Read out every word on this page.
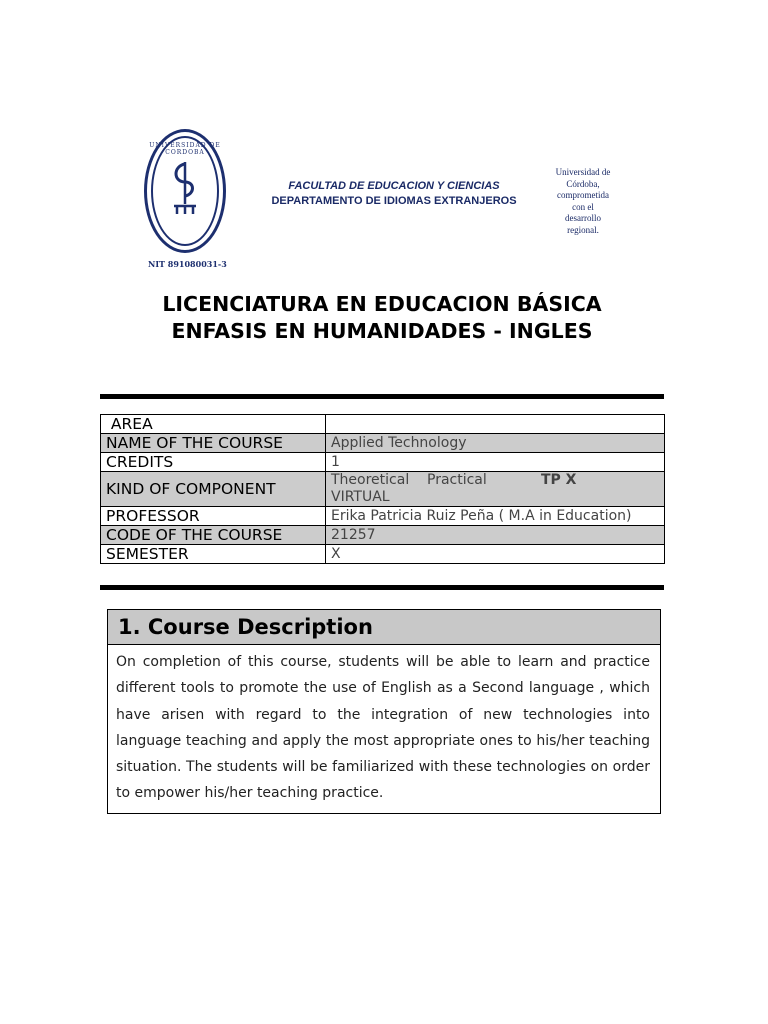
UNIVERSIDAD DE CORDOBA
NIT 891080031-3
FACULTAD DE EDUCACION Y CIENCIAS
DEPARTAMENTO DE IDIOMAS EXTRANJEROS
Universidad de
Córdoba,
comprometida
con el
desarrollo
regional.
LICENCIATURA EN EDUCACION BÁSICA
ENFASIS EN HUMANIDADES - INGLES
AREA	
NAME OF THE COURSE	Applied Technology
CREDITS	1
KIND OF COMPONENT	Theoretical Practical TP X
VIRTUAL

PROFESSOR	Erika Patricia Ruiz Peña ( M.A in Education)
CODE OF THE COURSE	21257
SEMESTER	X
1. Course Description
On completion of this course, students will be able to learn and practice different tools to promote the use of English as a Second language , which have arisen with regard to the integration of new technologies into language teaching and apply the most appropriate ones to his/her teaching situation. The students will be familiarized with these technologies on order to empower his/her teaching practice.
